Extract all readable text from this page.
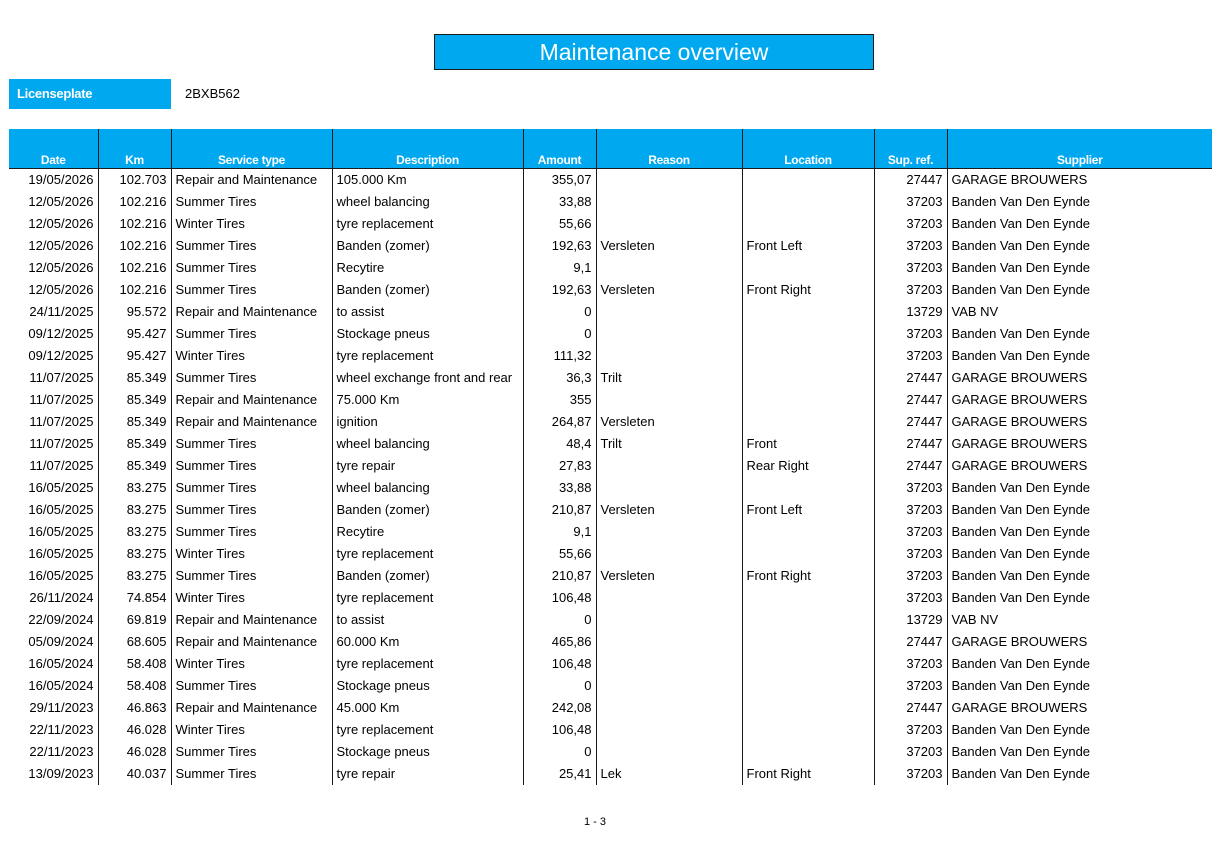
Maintenance overview
Licenseplate	2BXB562
Date	Km	Service type	Description	Amount	Reason	Location	Sup. ref.	Supplier
19/05/2026	102.703	Repair and Maintenance	105.000 Km	355,07			27447	GARAGE BROUWERS
12/05/2026	102.216	Summer Tires	wheel balancing	33,88			37203	Banden Van Den Eynde
12/05/2026	102.216	Winter Tires	tyre replacement	55,66			37203	Banden Van Den Eynde
12/05/2026	102.216	Summer Tires	Banden (zomer)	192,63	Versleten	Front Left	37203	Banden Van Den Eynde
12/05/2026	102.216	Summer Tires	Recytire	9,1			37203	Banden Van Den Eynde
12/05/2026	102.216	Summer Tires	Banden (zomer)	192,63	Versleten	Front Right	37203	Banden Van Den Eynde
24/11/2025	95.572	Repair and Maintenance	to assist	0			13729	VAB NV
09/12/2025	95.427	Summer Tires	Stockage pneus	0			37203	Banden Van Den Eynde
09/12/2025	95.427	Winter Tires	tyre replacement	111,32			37203	Banden Van Den Eynde
11/07/2025	85.349	Summer Tires	wheel exchange front and rear	36,3	Trilt		27447	GARAGE BROUWERS
11/07/2025	85.349	Repair and Maintenance	75.000 Km	355			27447	GARAGE BROUWERS
11/07/2025	85.349	Repair and Maintenance	ignition	264,87	Versleten		27447	GARAGE BROUWERS
11/07/2025	85.349	Summer Tires	wheel balancing	48,4	Trilt	Front	27447	GARAGE BROUWERS
11/07/2025	85.349	Summer Tires	tyre repair	27,83		Rear Right	27447	GARAGE BROUWERS
16/05/2025	83.275	Summer Tires	wheel balancing	33,88			37203	Banden Van Den Eynde
16/05/2025	83.275	Summer Tires	Banden (zomer)	210,87	Versleten	Front Left	37203	Banden Van Den Eynde
16/05/2025	83.275	Summer Tires	Recytire	9,1			37203	Banden Van Den Eynde
16/05/2025	83.275	Winter Tires	tyre replacement	55,66			37203	Banden Van Den Eynde
16/05/2025	83.275	Summer Tires	Banden (zomer)	210,87	Versleten	Front Right	37203	Banden Van Den Eynde
26/11/2024	74.854	Winter Tires	tyre replacement	106,48			37203	Banden Van Den Eynde
22/09/2024	69.819	Repair and Maintenance	to assist	0			13729	VAB NV
05/09/2024	68.605	Repair and Maintenance	60.000 Km	465,86			27447	GARAGE BROUWERS
16/05/2024	58.408	Winter Tires	tyre replacement	106,48			37203	Banden Van Den Eynde
16/05/2024	58.408	Summer Tires	Stockage pneus	0			37203	Banden Van Den Eynde
29/11/2023	46.863	Repair and Maintenance	45.000 Km	242,08			27447	GARAGE BROUWERS
22/11/2023	46.028	Winter Tires	tyre replacement	106,48			37203	Banden Van Den Eynde
22/11/2023	46.028	Summer Tires	Stockage pneus	0			37203	Banden Van Den Eynde
13/09/2023	40.037	Summer Tires	tyre repair	25,41	Lek	Front Right	37203	Banden Van Den Eynde
1 - 3
